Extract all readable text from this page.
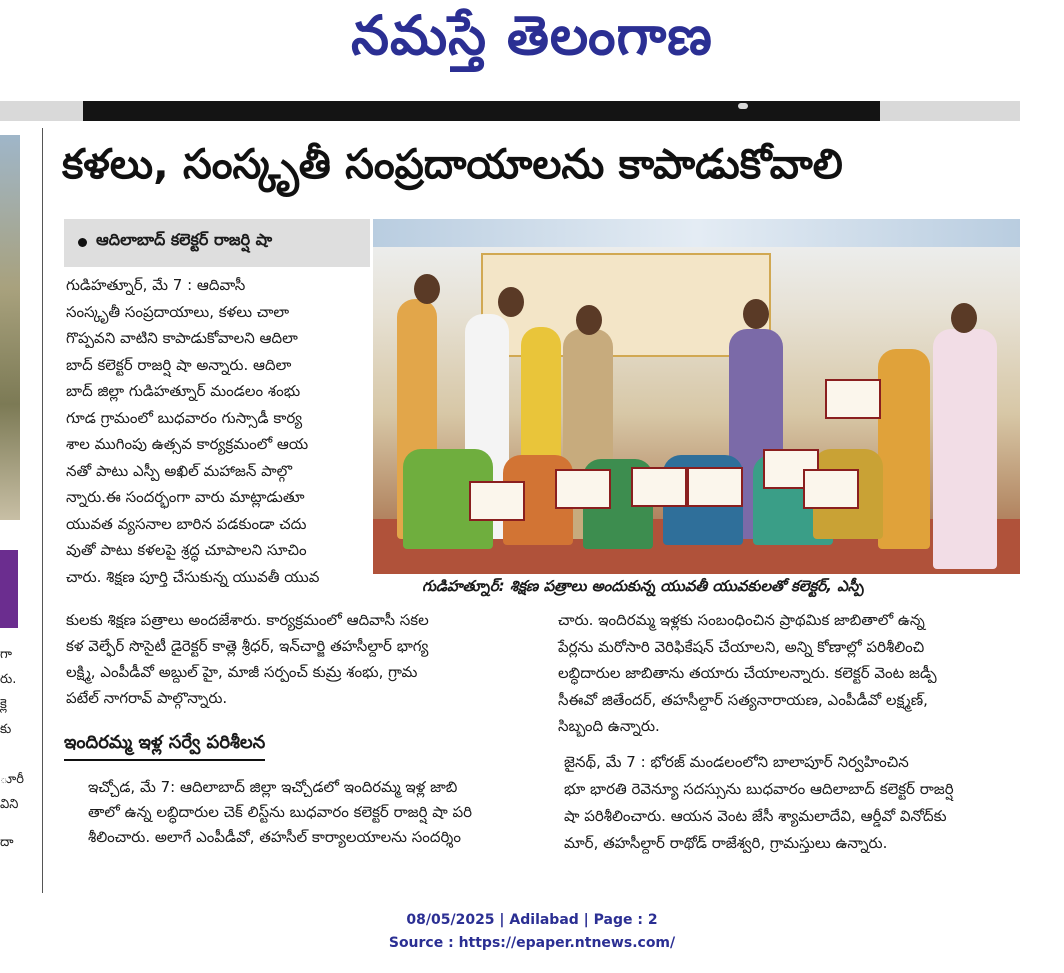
నమస్తే తెలంగాణ
గా
రు.
క్లె
కు
ూరీ
విని
దా
కళలు, సంస్కృతీ సంప్రదాయాలను కాపాడుకోవాలి
ఆదిలాబాద్ కలెక్టర్ రాజర్షి షా
గుడిహత్నూర్: శిక్షణ పత్రాలు అందుకున్న యువతీ యువకులతో కలెక్టర్, ఎస్పీ
గుడిహత్నూర్, మే 7 : ఆదివాసీ
సంస్కృతీ సంప్రదాయాలు, కళలు చాలా
గొప్పవని వాటిని కాపాడుకోవాలని ఆదిలా
బాద్ కలెక్టర్ రాజర్షి షా అన్నారు. ఆదిలా
బాద్ జిల్లా గుడిహత్నూర్ మండలం శంభు
గూడ గ్రామంలో బుధవారం గుస్సాడీ కార్య
శాల ముగింపు ఉత్సవ కార్యక్రమంలో ఆయ
నతో పాటు ఎస్పీ అఖిల్ మహాజన్ పాల్గొ
న్నారు.ఈ సందర్భంగా వారు మాట్లాడుతూ
యువత వ్యసనాల బారిన పడకుండా చదు
వుతో పాటు కళలపై శ్రద్ధ చూపాలని సూచిం
చారు. శిక్షణ పూర్తి చేసుకున్న యువతీ యువ
కులకు శిక్షణ పత్రాలు అందజేశారు. కార్యక్రమంలో ఆదివాసీ సకల
కళ వెల్ఫేర్ సొసైటీ డైరెక్టర్ కాత్లె శ్రీధర్, ఇన్‌చార్జి తహసీల్దార్ భాగ్య
లక్ష్మి, ఎంపీడీవో అబ్దుల్ హై, మాజీ సర్పంచ్ కుమ్ర శంభు, గ్రామ
పటేల్ నాగరావ్ పాల్గొన్నారు.
ఇందిరమ్మ ఇళ్ల సర్వే పరిశీలన
ఇచ్చోడ, మే 7: ఆదిలాబాద్ జిల్లా ఇచ్చోడలో ఇందిరమ్మ ఇళ్ల జాబి
తాలో ఉన్న లబ్ధిదారుల చెక్ లిస్ట్‌ను బుధవారం కలెక్టర్ రాజర్షి షా పరి
శీలించారు. అలాగే ఎంపీడీవో, తహసీల్ కార్యాలయాలను సందర్శిం
చారు. ఇందిరమ్మ ఇళ్లకు సంబంధించిన ప్రాథమిక జాబితాలో ఉన్న
పేర్లను మరోసారి వెరిఫికేషన్ చేయాలని, అన్ని కోణాల్లో పరిశీలించి
లబ్ధిదారుల జాబితాను తయారు చేయాలన్నారు. కలెక్టర్ వెంట జడ్పీ
సీఈవో జితేందర్, తహసీల్దార్ సత్యనారాయణ, ఎంపీడీవో లక్ష్మణ్,
సిబ్బంది ఉన్నారు.
జైనథ్, మే 7 : భోరజ్ మండలంలోని బాలాపూర్ నిర్వహించిన
భూ భారతి రెవెన్యూ సదస్సును బుధవారం ఆదిలాబాద్ కలెక్టర్ రాజర్షి
షా పరిశీలించారు. ఆయన వెంట జేసీ శ్యామలాదేవి, ఆర్డీవో వినోద్‌కు
మార్, తహసీల్దార్ రాథోడ్ రాజేశ్వరి, గ్రామస్తులు ఉన్నారు.
08/05/2025 | Adilabad | Page : 2
Source : https://epaper.ntnews.com/
